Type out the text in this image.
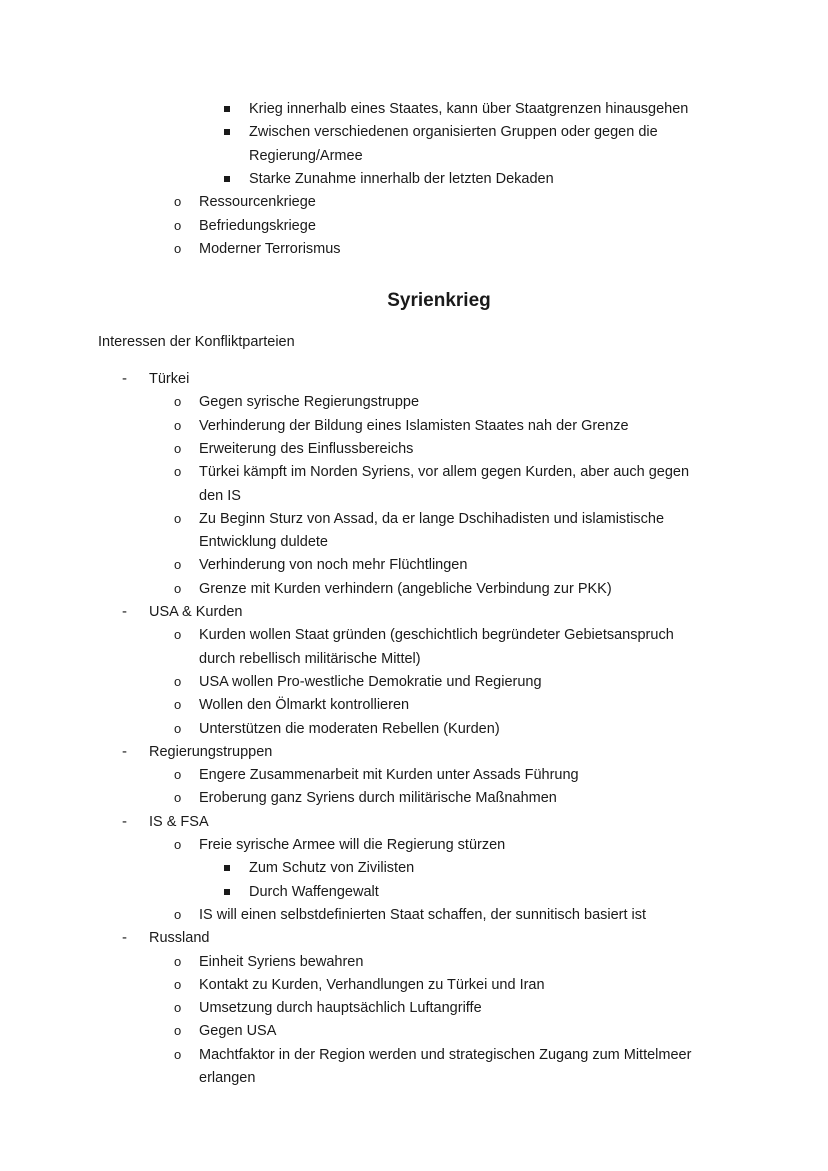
Syrienkrieg
Interessen der Konfliktparteien
Krieg innerhalb eines Staates, kann über Staatgrenzen hinausgehen
Zwischen verschiedenen organisierten Gruppen oder gegen die
Regierung/Armee
Starke Zunahme innerhalb der letzten Dekaden
o Ressourcenkriege
o Befriedungskriege
o Moderner Terrorismus
- Türkei
o Gegen syrische Regierungstruppe
o Verhinderung der Bildung eines Islamisten Staates nah der Grenze
o Erweiterung des Einflussbereichs
o Türkei kämpft im Norden Syriens, vor allem gegen Kurden, aber auch gegen
den IS
o Zu Beginn Sturz von Assad, da er lange Dschihadisten und islamistische
Entwicklung duldete
o Verhinderung von noch mehr Flüchtlingen
o Grenze mit Kurden verhindern (angebliche Verbindung zur PKK)
- USA & Kurden
o Kurden wollen Staat gründen (geschichtlich begründeter Gebietsanspruch
durch rebellisch militärische Mittel)
o USA wollen Pro-westliche Demokratie und Regierung
o Wollen den Ölmarkt kontrollieren
o Unterstützen die moderaten Rebellen (Kurden)
- Regierungstruppen
o Engere Zusammenarbeit mit Kurden unter Assads Führung
o Eroberung ganz Syriens durch militärische Maßnahmen
- IS & FSA
o Freie syrische Armee will die Regierung stürzen
Zum Schutz von Zivilisten
Durch Waffengewalt
o IS will einen selbstdefinierten Staat schaffen, der sunnitisch basiert ist
- Russland
o Einheit Syriens bewahren
o Kontakt zu Kurden, Verhandlungen zu Türkei und Iran
o Umsetzung durch hauptsächlich Luftangriffe
o Gegen USA
o Machtfaktor in der Region werden und strategischen Zugang zum Mittelmeer
erlangen
